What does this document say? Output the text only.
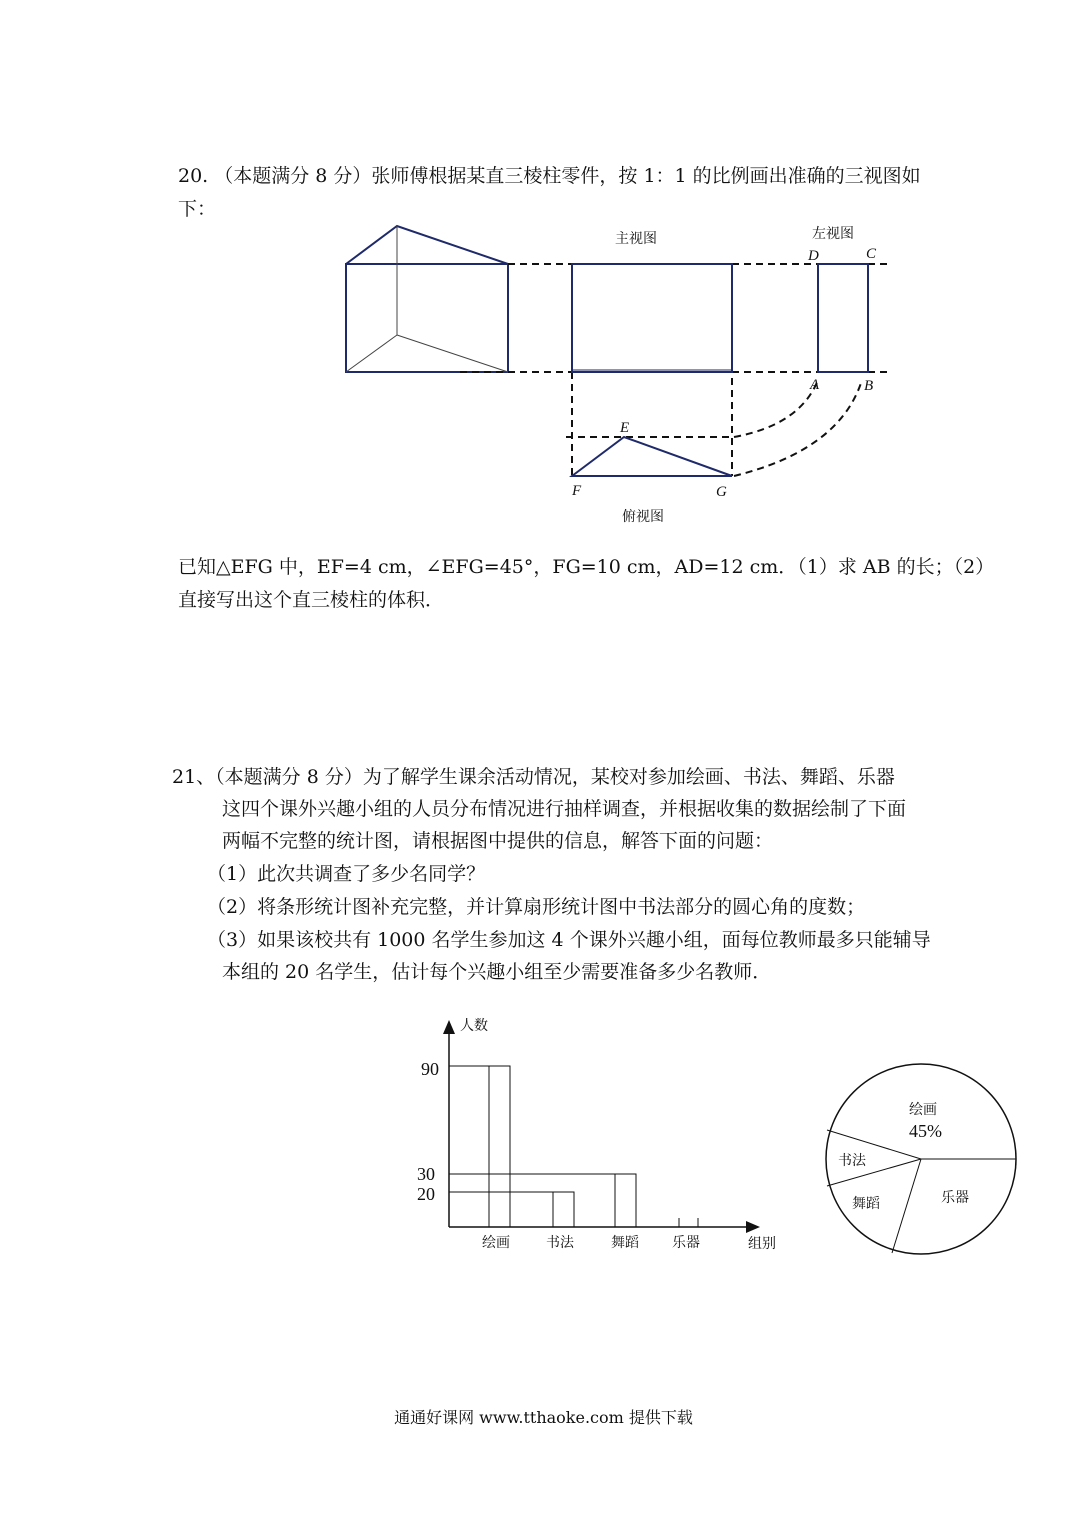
20. （本题满分 8 分）张师傅根据某直三棱柱零件，按 1：1 的比例画出准确的三视图如
下：
主视图	左视图
俯视图
D	C
A	B
E
F	G
人数
组别
90
30
20
绘画	书法	舞蹈 乐器
绘画
45%
书法
舞蹈	乐器
已知△EFG 中，EF=4 cm，∠EFG=45°，FG=10 cm，AD=12 cm．（1）求 AB 的长；（2）
直接写出这个直三棱柱的体积．
21、（本题满分 8 分）为了解学生课余活动情况，某校对参加绘画、书法、舞蹈、乐器
这四个课外兴趣小组的人员分布情况进行抽样调查，并根据收集的数据绘制了下面
两幅不完整的统计图，请根据图中提供的信息，解答下面的问题：
（1）此次共调查了多少名同学？
（2）将条形统计图补充完整，并计算扇形统计图中书法部分的圆心角的度数；
（3）如果该校共有 1000 名学生参加这 4 个课外兴趣小组，面每位教师最多只能辅导
本组的 20 名学生，估计每个兴趣小组至少需要准备多少名教师．
通通好课网 www.tthaoke.com 提供下载
